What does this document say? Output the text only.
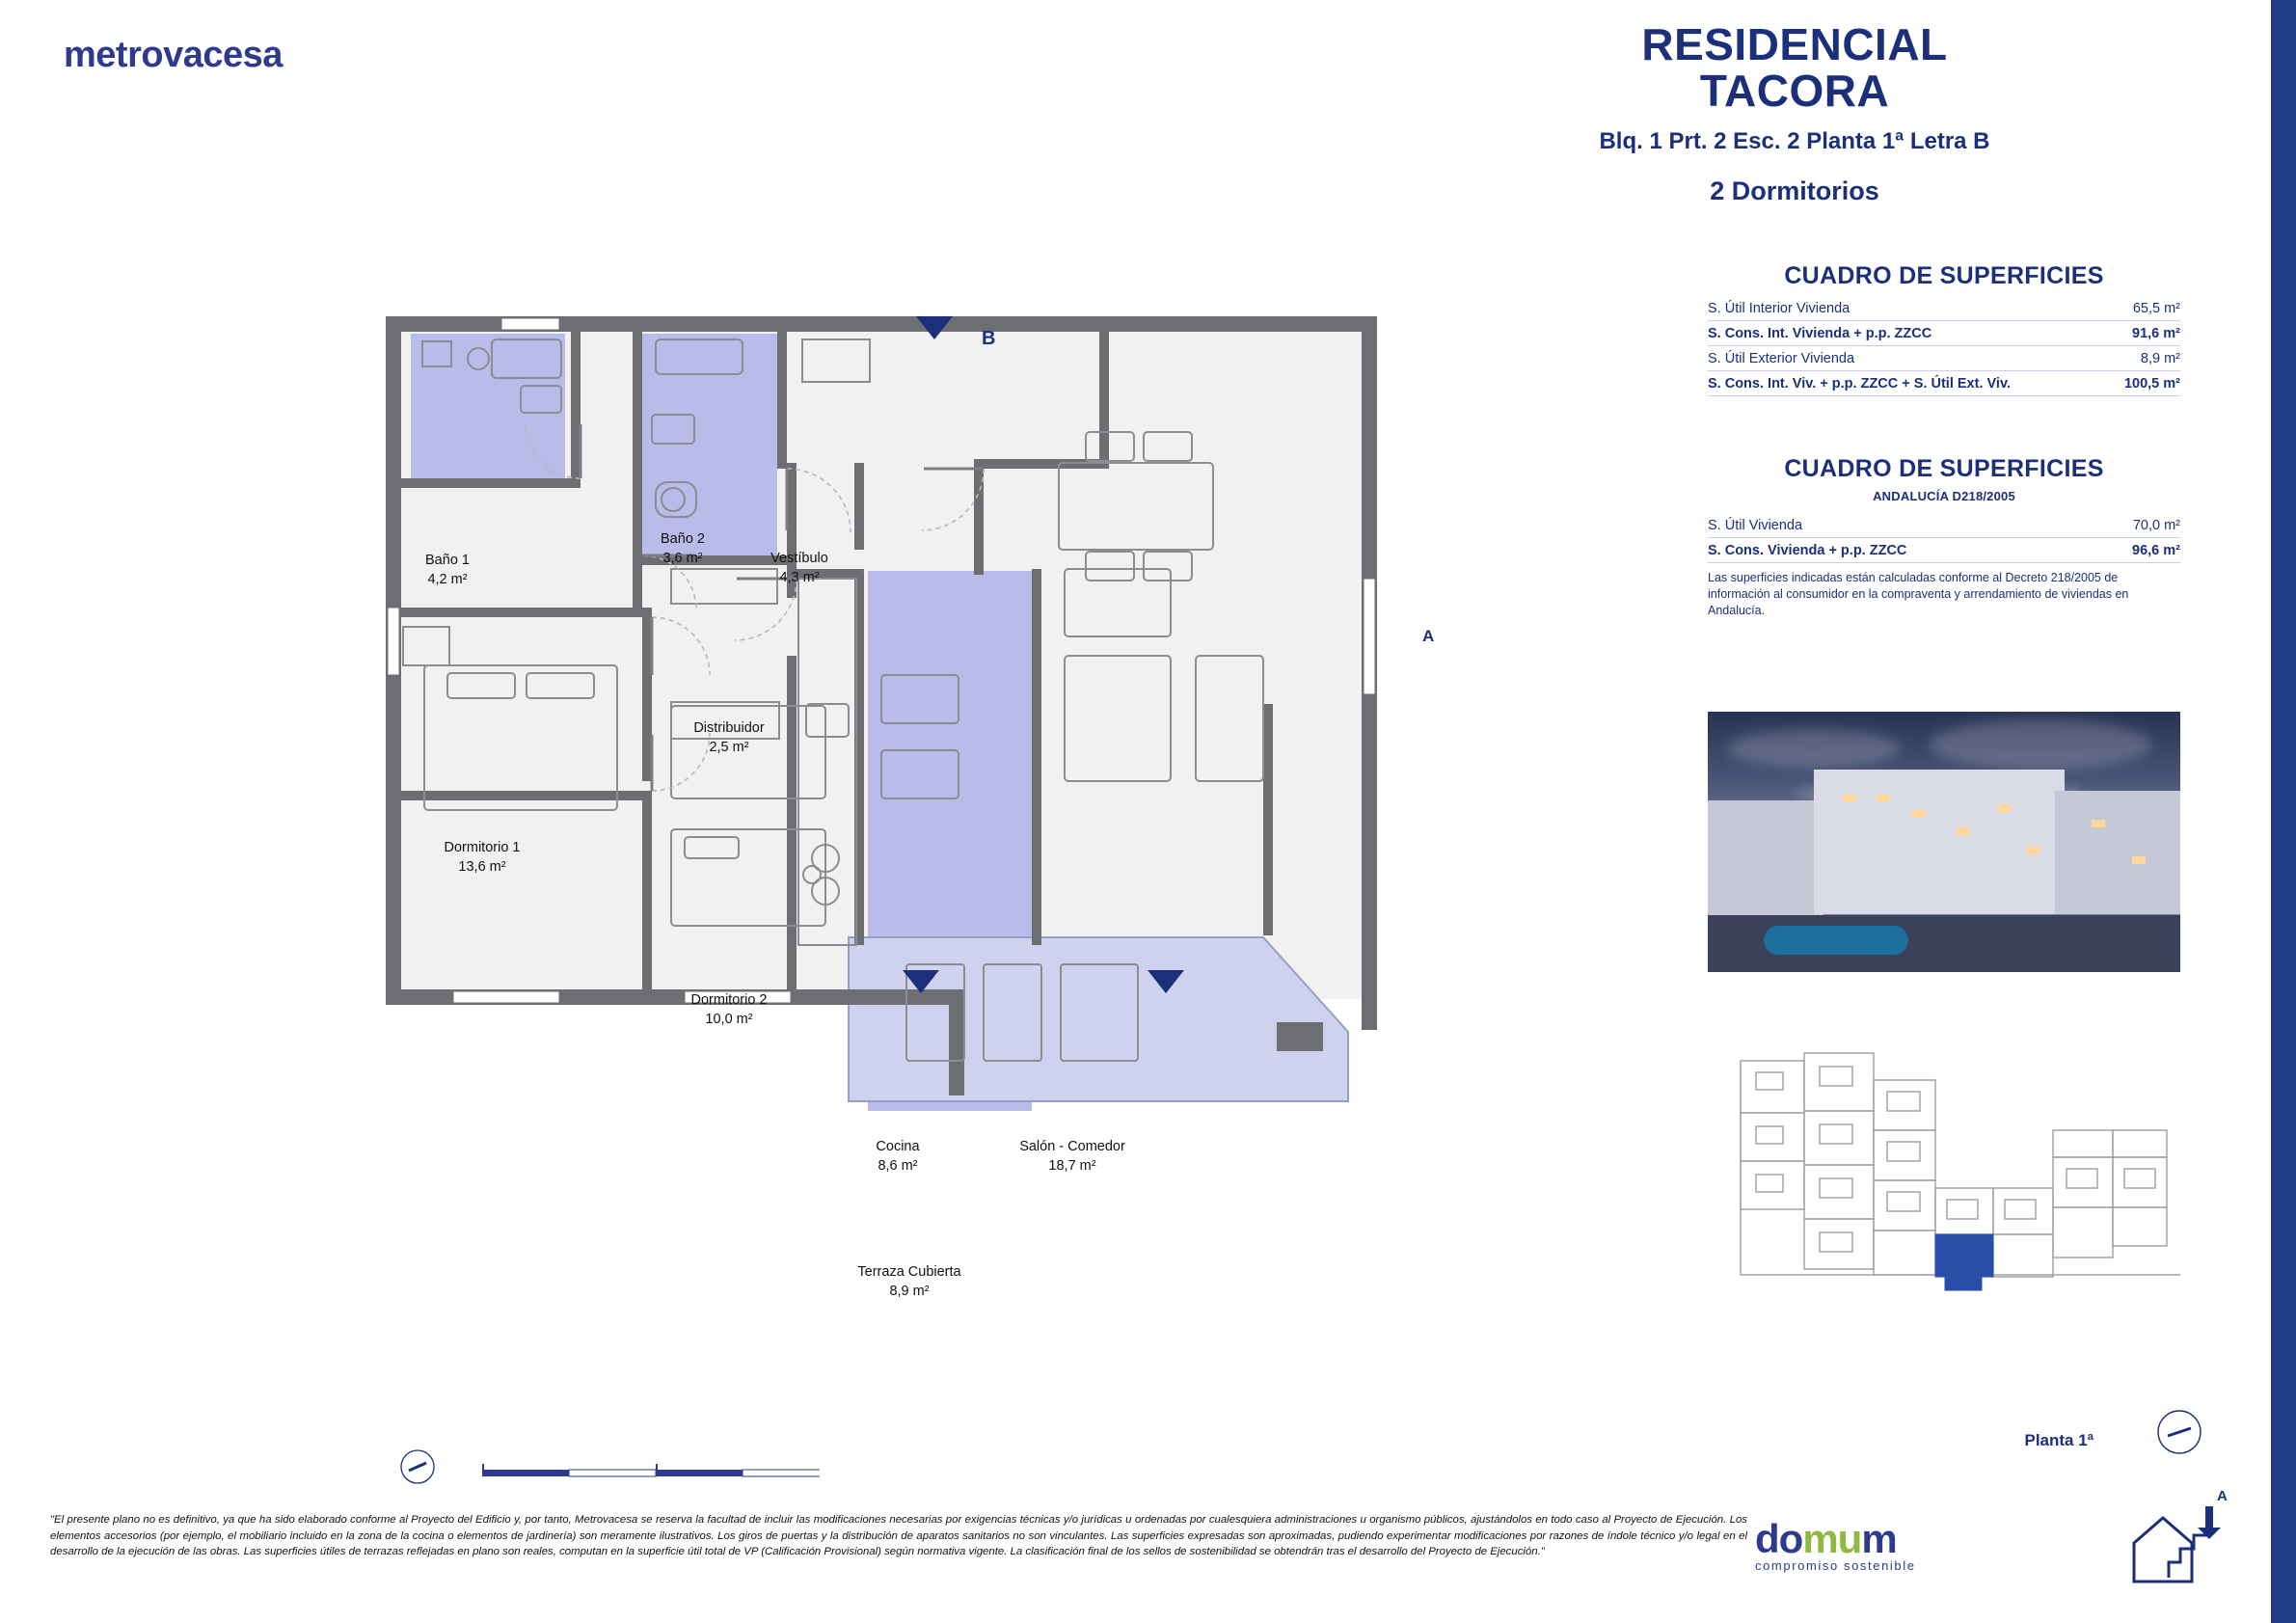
metrovacesa	RESIDENCIAL
TACORA
Blq. 1 Prt. 2 Esc. 2 Planta 1ª Letra B
2 Dormitorios
CUADRO DE SUPERFICIES
S. Útil Interior Vivienda	65,5 m²
S. Cons. Int. Vivienda + p.p. ZZCC	91,6 m²
S. Útil Exterior Vivienda	8,9 m²
S. Cons. Int. Viv. + p.p. ZZCC + S. Útil Ext. Viv.	100,5 m²
CUADRO DE SUPERFICIES
ANDALUCÍA D218/2005
S. Útil Vivienda	70,0 m²
S. Cons. Vivienda + p.p. ZZCC	96,6 m²
Las superficies indicadas están calculadas conforme al Decreto 218/2005 de información al consumidor en la compraventa y arrendamiento de viviendas en Andalucía.
Planta 1ª
A
Baño 1
4,2 m²
Baño 2
3,6 m²	Vestíbulo
4,3 m²
Distribuidor
2,5 m²
Dormitorio 1
13,6 m²
Dormitorio 2
10,0 m²
Cocina
8,6 m²
Salón - Comedor
18,7 m²
Terraza Cubierta
8,9 m²
B
A
"El presente plano no es definitivo, ya que ha sido elaborado conforme al Proyecto del Edificio y, por tanto, Metrovacesa se reserva la facultad de incluir las modificaciones necesarias por exigencias técnicas y/o jurídicas u ordenadas por cualesquiera administraciones u organismo públicos, ajustándolos en todo caso al Proyecto de Ejecución. Los elementos accesorios (por ejemplo, el mobiliario incluido en la zona de la cocina o elementos de jardinería) son meramente ilustrativos. Los giros de puertas y la distribución de aparatos sanitarios no son vinculantes. Las superficies expresadas son aproximadas, pudiendo experimentar modificaciones por razones de índole técnico y/o legal en el desarrollo de la ejecución de las obras. Las superficies útiles de terrazas reflejadas en plano son reales, computan en la superficie útil total de VP (Calificación Provisional) según normativa vigente. La clasificación final de los sellos de sostenibilidad se obtendrán tras el desarrollo del Proyecto de Ejecución."	domum
compromiso sostenible
